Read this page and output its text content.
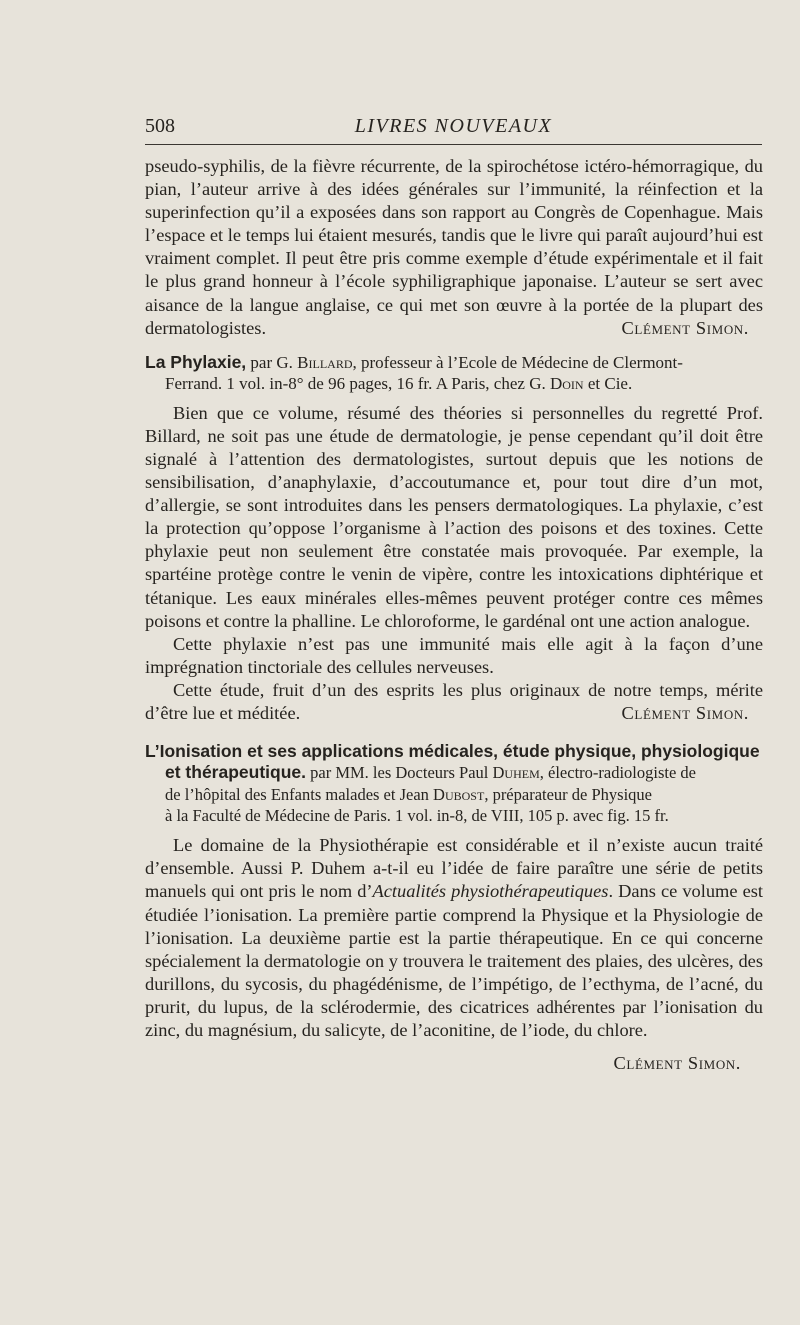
508	LIVRES NOUVEAUX

pseudo-syphilis, de la fièvre récurrente, de la spirochétose ictéro-hémorragique, du pian, l’auteur arrive à des idées générales sur l’immunité, la réinfection et la superinfection qu’il a exposées dans son rapport au Congrès de Copenhague. Mais l’espace et le temps lui étaient mesurés, tandis que le livre qui paraît aujourd’hui est vraiment complet. Il peut être pris comme exemple d’étude expérimentale et il fait le plus grand honneur à l’école syphiligraphique japonaise. L’auteur se sert avec aisance de la langue anglaise, ce qui met son œuvre à la portée de la plupart des dermatologistes.	Clément Simon.

La Phylaxie, par G. Billard, professeur à l’Ecole de Médecine de Clermont-
Ferrand. 1 vol. in-8° de 96 pages, 16 fr. A Paris, chez G. Doin et Cie.

Bien que ce volume, résumé des théories si personnelles du regretté Prof. Billard, ne soit pas une étude de dermatologie, je pense cependant qu’il doit être signalé à l’attention des dermatologistes, surtout depuis que les notions de sensibilisation, d’anaphylaxie, d’accoutumance et, pour tout dire d’un mot, d’allergie, se sont introduites dans les pensers dermatologiques. La phylaxie, c’est la protection qu’oppose l’organisme à l’action des poisons et des toxines. Cette phylaxie peut non seulement être constatée mais provoquée. Par exemple, la spartéine protège contre le venin de vipère, contre les intoxications diphtérique et tétanique. Les eaux minérales elles-mêmes peuvent protéger contre ces mêmes poisons et contre la phalline. Le chloroforme, le gardénal ont une action analogue.

Cette phylaxie n’est pas une immunité mais elle agit à la façon d’une imprégnation tinctoriale des cellules nerveuses.

Cette étude, fruit d’un des esprits les plus originaux de notre temps, mérite d’être lue et méditée.	Clément Simon.

L’Ionisation et ses applications médicales, étude physique, physiologique
et thérapeutique. par MM. les Docteurs Paul Duhem, électro-radiologiste de
de l’hôpital des Enfants malades et Jean Dubost, préparateur de Physique
à la Faculté de Médecine de Paris. 1 vol. in-8, de VIII, 105 p. avec fig. 15 fr.

Le domaine de la Physiothérapie est considérable et il n’existe aucun traité d’ensemble. Aussi P. Duhem a-t-il eu l’idée de faire paraître une série de petits manuels qui ont pris le nom d’Actualités physiothérapeutiques. Dans ce volume est étudiée l’ionisation. La première partie comprend la Physique et la Physiologie de l’ionisation. La deuxième partie est la partie thérapeutique. En ce qui concerne spécialement la dermatologie on y trouvera le traitement des plaies, des ulcères, des durillons, du sycosis, du phagédénisme, de l’impétigo, de l’ecthyma, de l’acné, du prurit, du lupus, de la sclérodermie, des cicatrices adhérentes par l’ionisation du zinc, du magnésium, du salicyte, de l’aconitine, de l’iode, du chlore.

Clément Simon.
